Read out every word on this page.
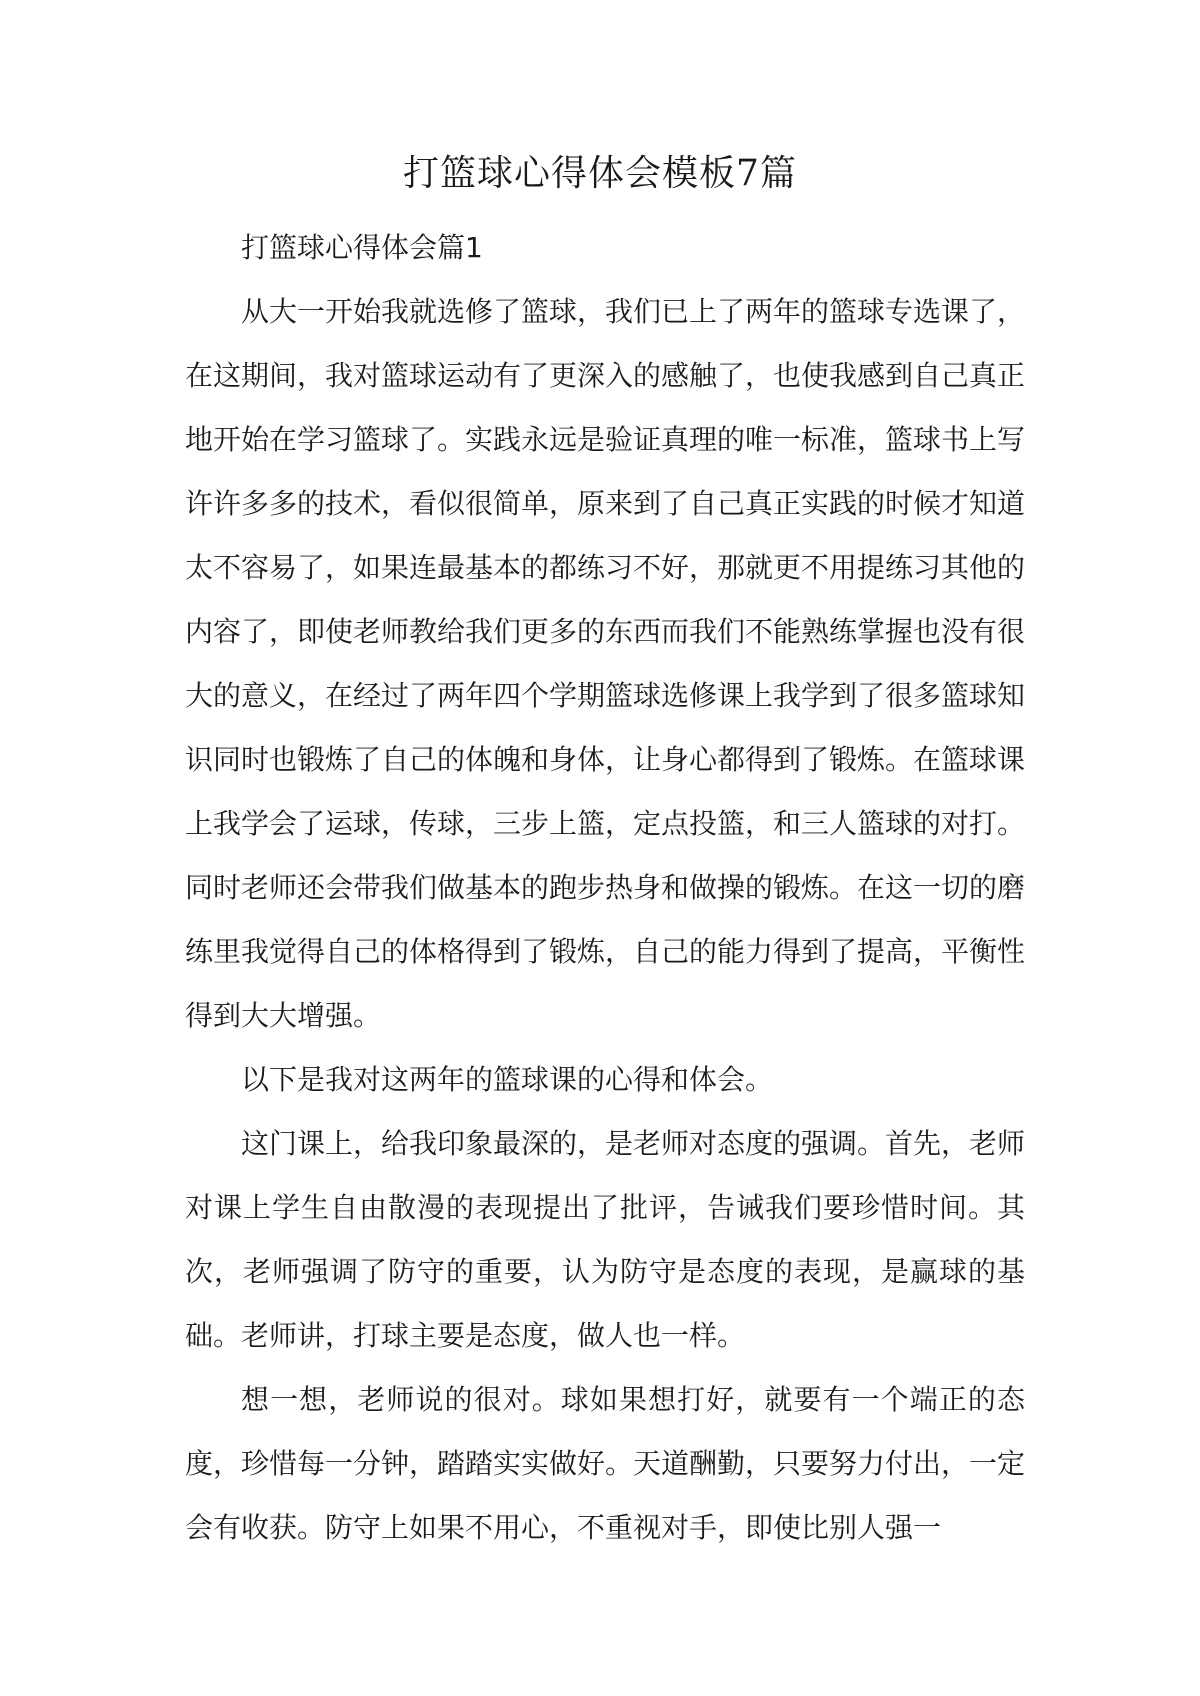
打篮球心得体会模板7篇
打篮球心得体会篇1

从大一开始我就选修了篮球，我们已上了两年的篮球专选课了，在这期间，我对篮球运动有了更深入的感触了，也使我感到自己真正地开始在学习篮球了。实践永远是验证真理的唯一标准，篮球书上写许许多多的技术，看似很简单，原来到了自己真正实践的时候才知道太不容易了，如果连最基本的都练习不好，那就更不用提练习其他的内容了，即使老师教给我们更多的东西而我们不能熟练掌握也没有很大的意义，在经过了两年四个学期篮球选修课上我学到了很多篮球知识同时也锻炼了自己的体魄和身体，让身心都得到了锻炼。在篮球课上我学会了运球，传球，三步上篮，定点投篮，和三人篮球的对打。同时老师还会带我们做基本的跑步热身和做操的锻炼。在这一切的磨练里我觉得自己的体格得到了锻炼，自己的能力得到了提高，平衡性得到大大增强。

以下是我对这两年的篮球课的心得和体会。

这门课上，给我印象最深的，是老师对态度的强调。首先，老师对课上学生自由散漫的表现提出了批评，告诫我们要珍惜时间。其次，老师强调了防守的重要，认为防守是态度的表现，是赢球的基础。老师讲，打球主要是态度，做人也一样。

想一想，老师说的很对。球如果想打好，就要有一个端正的态度，珍惜每一分钟，踏踏实实做好。天道酬勤，只要努力付出，一定会有收获。防守上如果不用心，不重视对手，即使比别人强一
